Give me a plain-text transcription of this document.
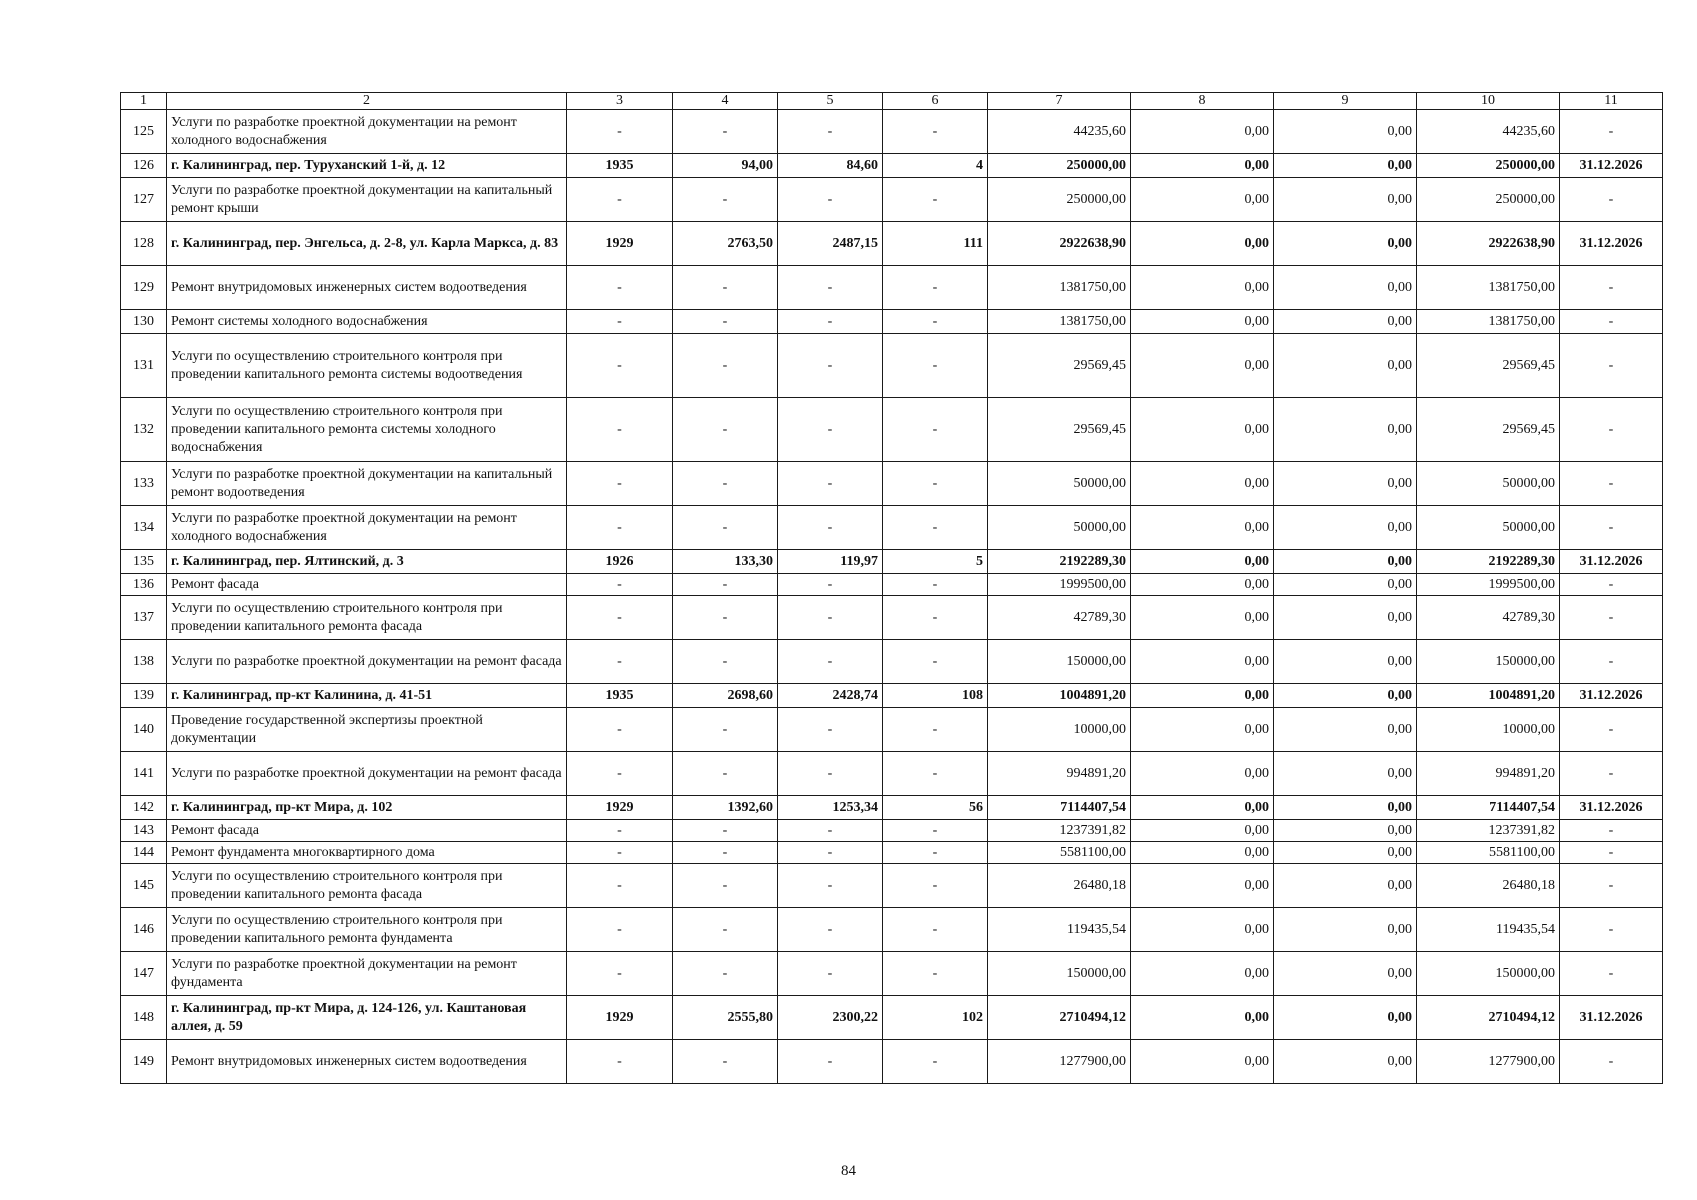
1	2	3	4	5	6	7	8	9	10	11
125	Услуги по разработке проектной документации на ремонт холодного водоснабжения	-	-	-	-	44235,60	0,00	0,00	44235,60	-
126	г. Калининград, пер. Туруханский 1-й, д. 12	1935	94,00	84,60	4	250000,00	0,00	0,00	250000,00	31.12.2026
127	Услуги по разработке проектной документации на капитальный ремонт крыши	-	-	-	-	250000,00	0,00	0,00	250000,00	-
128	г. Калининград, пер. Энгельса, д. 2-8, ул. Карла Маркса, д. 83	1929	2763,50	2487,15	111	2922638,90	0,00	0,00	2922638,90	31.12.2026
129	Ремонт внутридомовых инженерных систем водоотведения	-	-	-	-	1381750,00	0,00	0,00	1381750,00	-
130	Ремонт системы холодного водоснабжения	-	-	-	-	1381750,00	0,00	0,00	1381750,00	-
131	Услуги по осуществлению строительного контроля при проведении капитального ремонта системы водоотведения	-	-	-	-	29569,45	0,00	0,00	29569,45	-
132	Услуги по осуществлению строительного контроля при проведении капитального ремонта системы холодного водоснабжения	-	-	-	-	29569,45	0,00	0,00	29569,45	-
133	Услуги по разработке проектной документации на капитальный ремонт водоотведения	-	-	-	-	50000,00	0,00	0,00	50000,00	-
134	Услуги по разработке проектной документации на ремонт холодного водоснабжения	-	-	-	-	50000,00	0,00	0,00	50000,00	-
135	г. Калининград, пер. Ялтинский, д. 3	1926	133,30	119,97	5	2192289,30	0,00	0,00	2192289,30	31.12.2026
136	Ремонт фасада	-	-	-	-	1999500,00	0,00	0,00	1999500,00	-
137	Услуги по осуществлению строительного контроля при проведении капитального ремонта фасада	-	-	-	-	42789,30	0,00	0,00	42789,30	-
138	Услуги по разработке проектной документации на ремонт фасада	-	-	-	-	150000,00	0,00	0,00	150000,00	-
139	г. Калининград, пр-кт Калинина, д. 41-51	1935	2698,60	2428,74	108	1004891,20	0,00	0,00	1004891,20	31.12.2026
140	Проведение государственной экспертизы проектной документации	-	-	-	-	10000,00	0,00	0,00	10000,00	-
141	Услуги по разработке проектной документации на ремонт фасада	-	-	-	-	994891,20	0,00	0,00	994891,20	-
142	г. Калининград, пр-кт Мира, д. 102	1929	1392,60	1253,34	56	7114407,54	0,00	0,00	7114407,54	31.12.2026
143	Ремонт фасада	-	-	-	-	1237391,82	0,00	0,00	1237391,82	-
144	Ремонт фундамента многоквартирного дома	-	-	-	-	5581100,00	0,00	0,00	5581100,00	-
145	Услуги по осуществлению строительного контроля при проведении капитального ремонта фасада	-	-	-	-	26480,18	0,00	0,00	26480,18	-
146	Услуги по осуществлению строительного контроля при проведении капитального ремонта фундамента	-	-	-	-	119435,54	0,00	0,00	119435,54	-
147	Услуги по разработке проектной документации на ремонт фундамента	-	-	-	-	150000,00	0,00	0,00	150000,00	-
148	г. Калининград, пр-кт Мира, д. 124-126, ул. Каштановая аллея, д. 59	1929	2555,80	2300,22	102	2710494,12	0,00	0,00	2710494,12	31.12.2026
149	Ремонт внутридомовых инженерных систем водоотведения	-	-	-	-	1277900,00	0,00	0,00	1277900,00	-
84
